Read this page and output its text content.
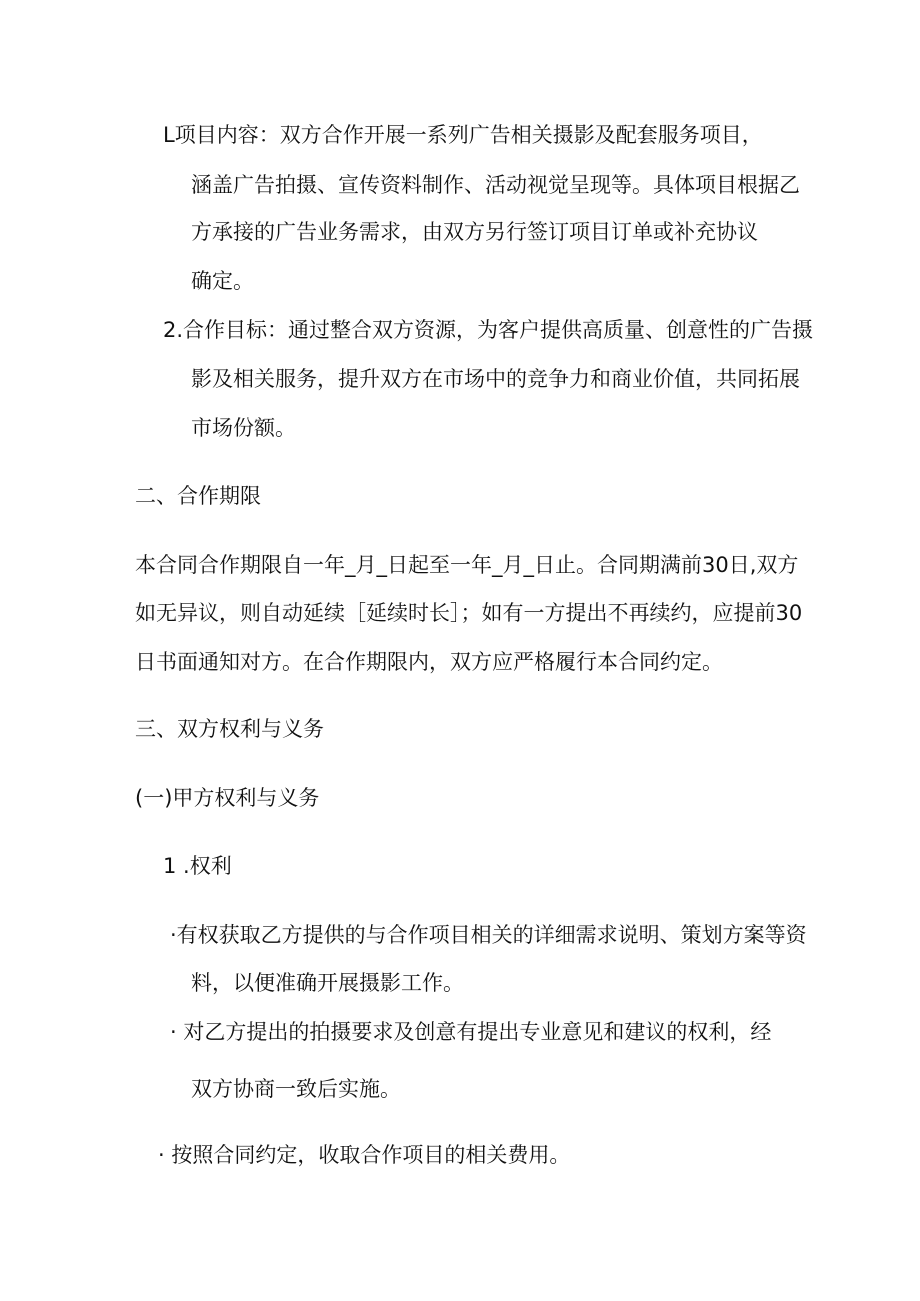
L项目内容：双方合作开展一系列广告相关摄影及配套服务项目，
涵盖广告拍摄、宣传资料制作、活动视觉呈现等。具体项目根据乙
方承接的广告业务需求，由双方另行签订项目订单或补充协议
确定。
2.合作目标：通过整合双方资源，为客户提供高质量、创意性的广告摄
影及相关服务，提升双方在市场中的竞争力和商业价值，共同拓展
市场份额。
二、合作期限
本合同合作期限自一年_月_日起至一年_月_日止。合同期满前30日,双方
如无异议，则自动延续［延续时长］；如有一方提出不再续约，应提前30
日书面通知对方。在合作期限内，双方应严格履行本合同约定。
三、双方权利与义务
(一)甲方权利与义务
1 .权利
·有权获取乙方提供的与合作项目相关的详细需求说明、策划方案等资
料，以便准确开展摄影工作。
· 对乙方提出的拍摄要求及创意有提出专业意见和建议的权利，经
双方协商一致后实施。
· 按照合同约定，收取合作项目的相关费用。
